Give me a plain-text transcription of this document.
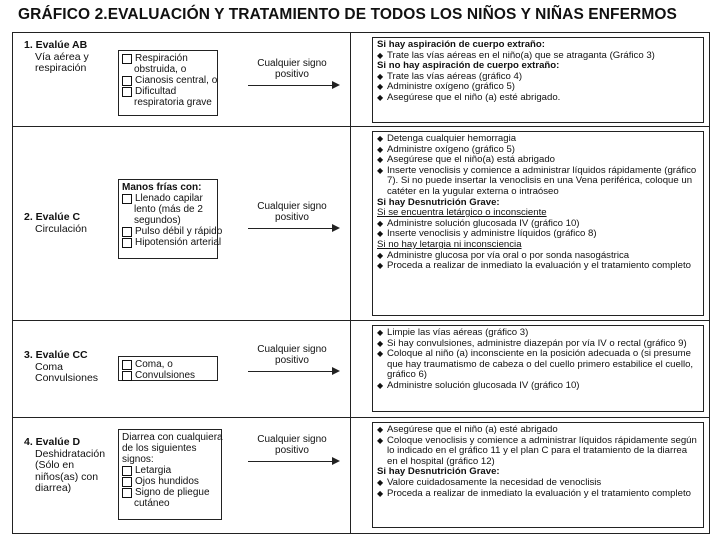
GRÁFICO 2.EVALUACIÓN Y TRATAMIENTO DE TODOS LOS NIÑOS Y NIÑAS ENFERMOS
1. Evalúe AB
Vía aérea y
respiración
Respiración
obstruida, o
Cianosis central, o
Dificultad
respiratoria grave
Cualquier signo positivo
Si hay aspiración de cuerpo extraño:
◆ Trate las vías aéreas en el niño(a) que se atraganta (Gráfico 3)
Si no hay aspiración de cuerpo extraño:
◆ Trate las vías aéreas (gráfico 4)
◆ Administre oxígeno (gráfico 5)
◆ Asegúrese que el niño (a) esté abrigado.
2. Evalúe C
Circulación
Manos frías con:
Llenado capilar
lento (más de 2
segundos)
Pulso débil y rápido
Hipotensión arterial
Cualquier signo positivo
◆ Detenga cualquier hemorragia
◆ Administre oxígeno (gráfico 5)
◆ Asegúrese que el niño(a) está abrigado
◆ Inserte venoclisis y comience a administrar líquidos rápidamente (gráfico 7). Si no puede insertar la venoclisis en una Vena periférica, coloque un catéter en la yugular externa o intraóseo
Si hay Desnutrición Grave:
Si se encuentra letárgico o inconsciente
◆ Administre solución glucosada IV (gráfico 10)
◆ Inserte venoclisis y administre líquidos (gráfico 8)
Si no hay letargia ni inconsciencia
◆ Administre glucosa por vía oral o por sonda nasogástrica
◆ Proceda a realizar de inmediato la evaluación y el tratamiento completo
3. Evalúe CC
Coma
Convulsiones
Coma, o
Convulsiones
Cualquier signo positivo
◆ Limpie las vías aéreas (gráfico 3)
◆ Si hay convulsiones, administre diazepán por vía IV o rectal (gráfico 9)
◆ Coloque al niño (a) inconsciente en la posición adecuada o (si presume que hay traumatismo de cabeza o del cuello primero estabilice el cuello, gráfico 6)
◆ Administre solución glucosada IV (gráfico 10)
4. Evalúe D
Deshidratación
(Sólo en
niños(as) con
diarrea)
Diarrea con cualquiera
de los siguientes
signos:
Letargia
Ojos hundidos
Signo de pliegue
cutáneo
Cualquier signo positivo
◆ Asegúrese que el niño (a) esté abrigado
◆ Coloque venoclisis y comience a administrar líquidos rápidamente según lo indicado en el gráfico 11 y el plan C para el tratamiento de la diarrea en el hospital (gráfico 12)
Si hay Desnutrición Grave:
◆ Valore cuidadosamente la necesidad de venoclisis
◆ Proceda a realizar de inmediato la evaluación y el tratamiento completo
